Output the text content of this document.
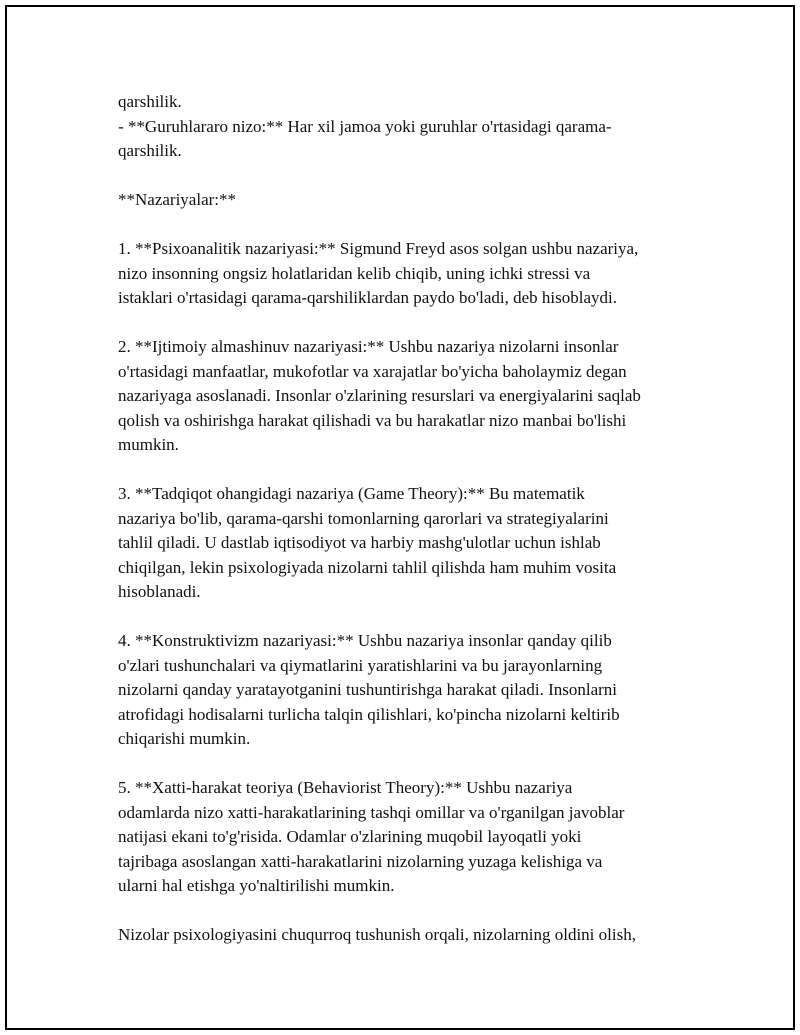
qarshilik.
- **Guruhlararo nizo:** Har xil jamoa yoki guruhlar o'rtasidagi qarama-
qarshilik.

**Nazariyalar:**

1. **Psixoanalitik nazariyasi:** Sigmund Freyd asos solgan ushbu nazariya,
nizo insonning ongsiz holatlaridan kelib chiqib, uning ichki stressi va
istaklari o'rtasidagi qarama-qarshiliklardan paydo bo'ladi, deb hisoblaydi.

2. **Ijtimoiy almashinuv nazariyasi:** Ushbu nazariya nizolarni insonlar
o'rtasidagi manfaatlar, mukofotlar va xarajatlar bo'yicha baholaymiz degan
nazariyaga asoslanadi. Insonlar o'zlarining resurslari va energiyalarini saqlab
qolish va oshirishga harakat qilishadi va bu harakatlar nizo manbai bo'lishi
mumkin.

3. **Tadqiqot ohangidagi nazariya (Game Theory):** Bu matematik
nazariya bo'lib, qarama-qarshi tomonlarning qarorlari va strategiyalarini
tahlil qiladi. U dastlab iqtisodiyot va harbiy mashg'ulotlar uchun ishlab
chiqilgan, lekin psixologiyada nizolarni tahlil qilishda ham muhim vosita
hisoblanadi.

4. **Konstruktivizm nazariyasi:** Ushbu nazariya insonlar qanday qilib
o'zlari tushunchalari va qiymatlarini yaratishlarini va bu jarayonlarning
nizolarni qanday yaratayotganini tushuntirishga harakat qiladi. Insonlarni
atrofidagi hodisalarni turlicha talqin qilishlari, ko'pincha nizolarni keltirib
chiqarishi mumkin.

5. **Xatti-harakat teoriya (Behaviorist Theory):** Ushbu nazariya
odamlarda nizo xatti-harakatlarining tashqi omillar va o'rganilgan javoblar
natijasi ekani to'g'risida. Odamlar o'zlarining muqobil layoqatli yoki
tajribaga asoslangan xatti-harakatlarini nizolarning yuzaga kelishiga va
ularni hal etishga yo'naltirilishi mumkin.

Nizolar psixologiyasini chuqurroq tushunish orqali, nizolarning oldini olish,
